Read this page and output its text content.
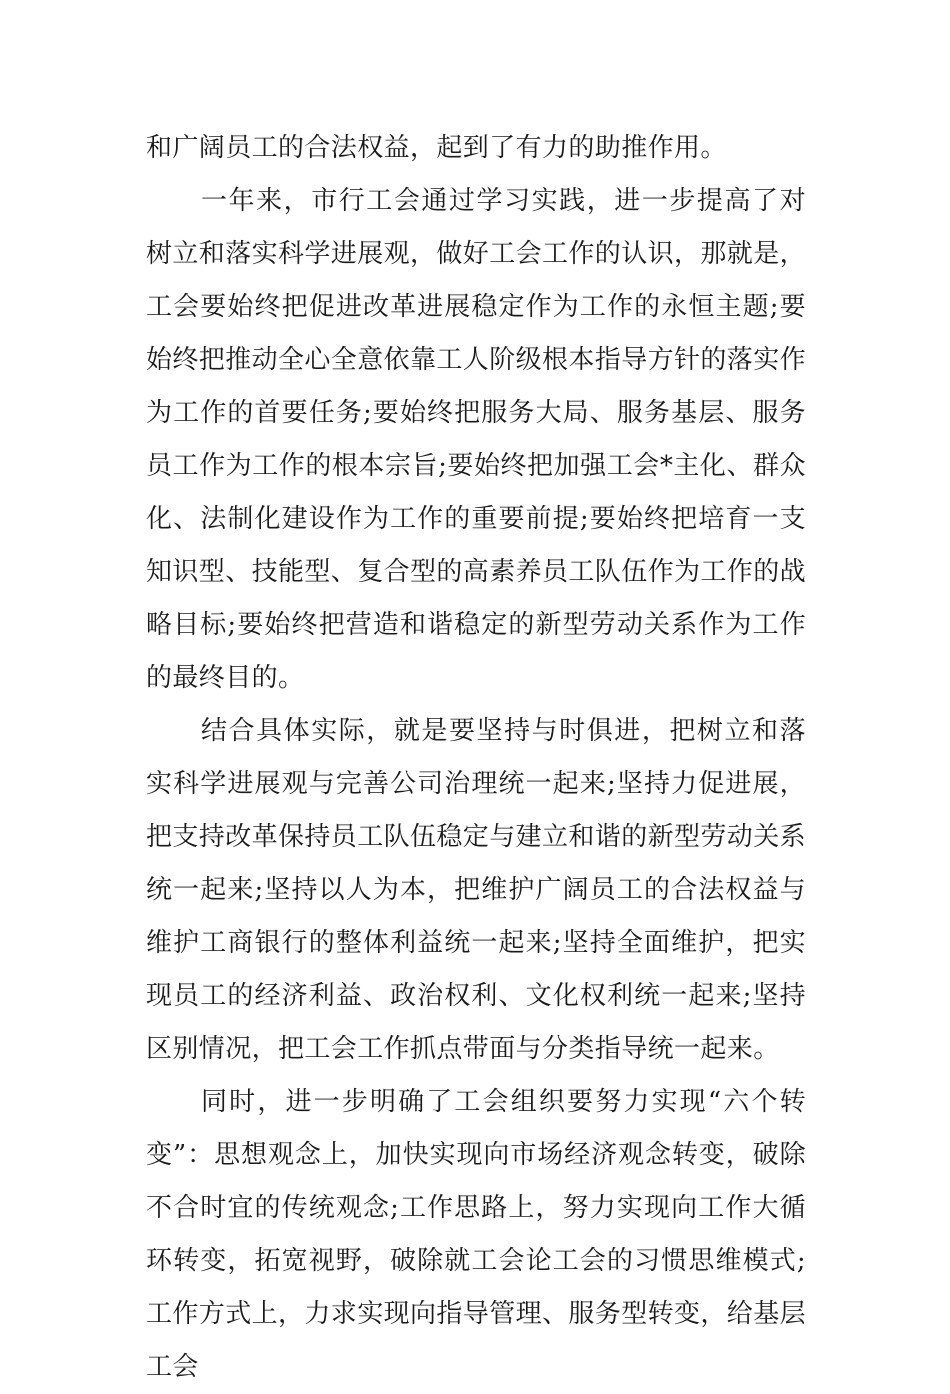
和广阔员工的合法权益，起到了有力的助推作用。

一年来，市行工会通过学习实践，进一步提高了对树立和落实科学进展观，做好工会工作的认识，那就是，工会要始终把促进改革进展稳定作为工作的永恒主题;要始终把推动全心全意依靠工人阶级根本指导方针的落实作为工作的首要任务;要始终把服务大局、服务基层、服务员工作为工作的根本宗旨;要始终把加强工会*主化、群众化、法制化建设作为工作的重要前提;要始终把培育一支知识型、技能型、复合型的高素养员工队伍作为工作的战略目标;要始终把营造和谐稳定的新型劳动关系作为工作的最终目的。

结合具体实际，就是要坚持与时俱进，把树立和落实科学进展观与完善公司治理统一起来;坚持力促进展，把支持改革保持员工队伍稳定与建立和谐的新型劳动关系统一起来;坚持以人为本，把维护广阔员工的合法权益与维护工商银行的整体利益统一起来;坚持全面维护，把实现员工的经济利益、政治权利、文化权利统一起来;坚持区别情况，把工会工作抓点带面与分类指导统一起来。

同时，进一步明确了工会组织要努力实现“六个转变”：思想观念上，加快实现向市场经济观念转变，破除不合时宜的传统观念;工作思路上，努力实现向工作大循环转变，拓宽视野，破除就工会论工会的习惯思维模式;工作方式上，力求实现向指导管理、服务型转变，给基层工会
